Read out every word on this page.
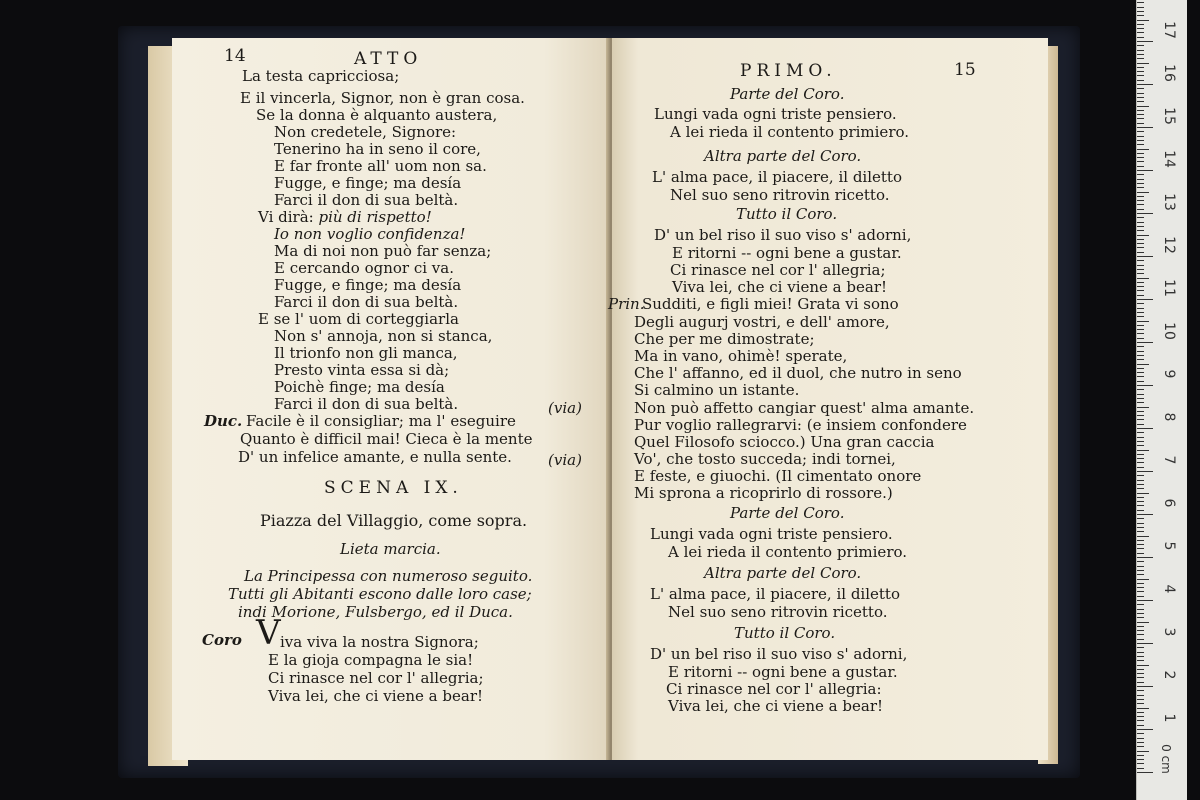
14	ATTO
La testa capricciosa;
E il vincerla, Signor, non è gran cosa.
Se la donna è alquanto austera,
Non credetele, Signore:
Tenerino ha in seno il core,
E far fronte all' uom non sa.
Fugge, e finge; ma desía
Farci il don di sua beltà.
Vi dirà: più di rispetto!
Io non voglio confidenza!
Ma di noi non può far senza;
E cercando ognor ci va.
Fugge, e finge; ma desía
Farci il don di sua beltà.
E se l' uom di corteggiarla
Non s' annoja, non si stanca,
Il trionfo non gli manca,
Presto vinta essa si dà;
Poichè finge; ma desía
Farci il don di sua beltà.	(via)
Duc. Facile è il consigliar; ma l' eseguire
Quanto è difficil mai! Cieca è la mente
D' un infelice amante, e nulla sente. (via)
SCENA IX.
Piazza del Villaggio, come sopra.
Lieta marcia.
La Principessa con numeroso seguito.
Tutti gli Abitanti escono dalle loro case;
indi Morione, Fulsbergo, ed il Duca.
Coro V iva viva la nostra Signora;
E la gioja compagna le sia!
Ci rinasce nel cor l' allegria;
Viva lei, che ci viene a bear!
PRIMO.	15
Parte del Coro.
Lungi vada ogni triste pensiero.
A lei rieda il contento primiero.
Altra parte del Coro.
L' alma pace, il piacere, il diletto
Nel suo seno ritrovin ricetto.
Tutto il Coro.
D' un bel riso il suo viso s' adorni,
E ritorni -- ogni bene a gustar.
Ci rinasce nel cor l' allegria;
Viva lei, che ci viene a bear!
Prin.
Sudditi, e figli miei! Grata vi sono
Degli augurj vostri, e dell' amore,
Che per me dimostrate;
Ma in vano, ohimè! sperate,
Che l' affanno, ed il duol, che nutro in seno
Si calmino un istante.
Non può affetto cangiar quest' alma amante.
Pur voglio rallegrarvi: (e insiem confondere
Quel Filosofo sciocco.) Una gran caccia
Vo', che tosto succeda; indi tornei,
E feste, e giuochi. (Il cimentato onore
Mi sprona a ricoprirlo di rossore.)
Parte del Coro.
Lungi vada ogni triste pensiero.
A lei rieda il contento primiero.
Altra parte del Coro.
L' alma pace, il piacere, il diletto
Nel suo seno ritrovin ricetto.
Tutto il Coro.
D' un bel riso il suo viso s' adorni,
E ritorni -- ogni bene a gustar.
Ci rinasce nel cor l' allegria:
Viva lei, che ci viene a bear!
17
16
15
14
13
12
11
10
9
8
7
6
5
4
3
2
1
0 cm
